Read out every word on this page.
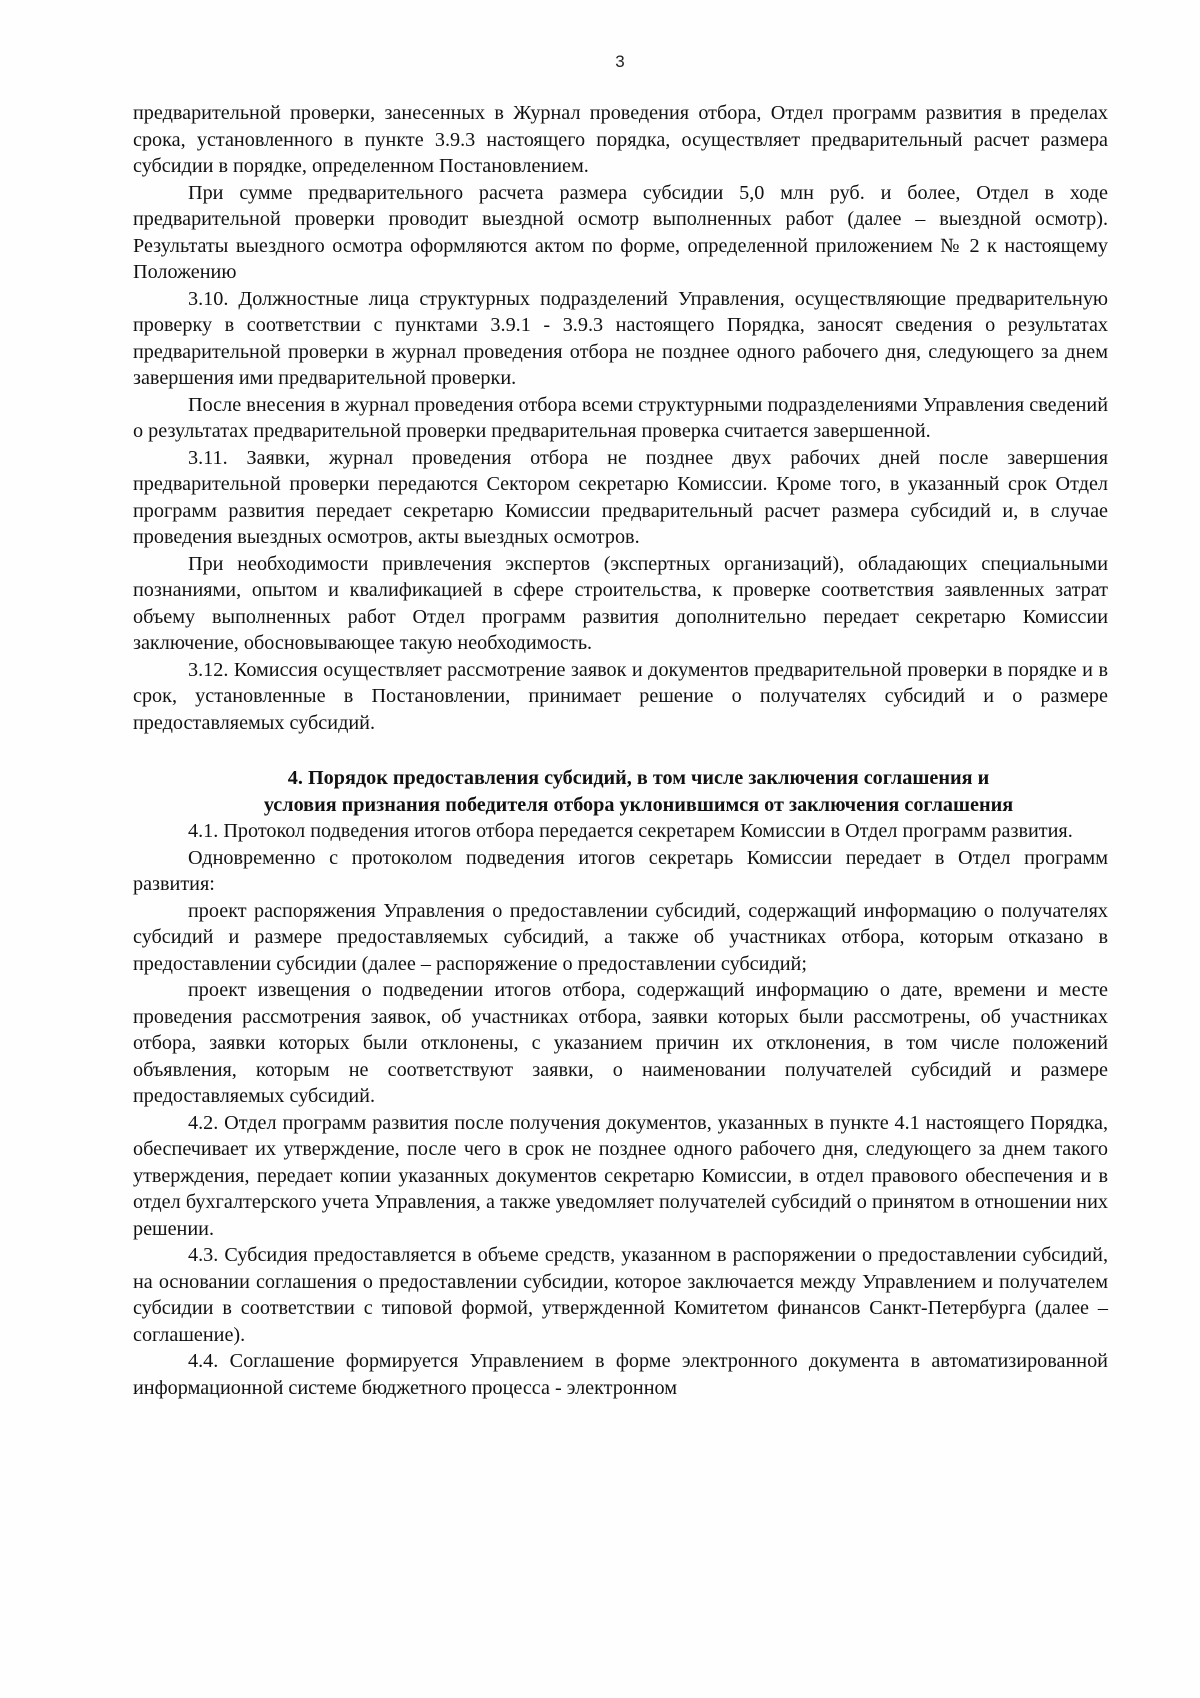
3

предварительной проверки, занесенных в Журнал проведения отбора, Отдел программ развития в пределах срока, установленного в пункте 3.9.3 настоящего порядка, осуществляет предварительный расчет размера субсидии в порядке, определенном Постановлением.

При сумме предварительного расчета размера субсидии 5,0 млн руб. и более, Отдел в ходе предварительной проверки проводит выездной осмотр выполненных работ (далее – выездной осмотр). Результаты выездного осмотра оформляются актом по форме, определенной приложением № 2 к настоящему Положению

3.10. Должностные лица структурных подразделений Управления, осуществляющие предварительную проверку в соответствии с пунктами 3.9.1 - 3.9.3 настоящего Порядка, заносят сведения о результатах предварительной проверки в журнал проведения отбора не позднее одного рабочего дня, следующего за днем завершения ими предварительной проверки.

После внесения в журнал проведения отбора всеми структурными подразделениями Управления сведений о результатах предварительной проверки предварительная проверка считается завершенной.

3.11. Заявки, журнал проведения отбора не позднее двух рабочих дней после завершения предварительной проверки передаются Сектором секретарю Комиссии. Кроме того, в указанный срок Отдел программ развития передает секретарю Комиссии предварительный расчет размера субсидий и, в случае проведения выездных осмотров, акты выездных осмотров.

При необходимости привлечения экспертов (экспертных организаций), обладающих специальными познаниями, опытом и квалификацией в сфере строительства, к проверке соответствия заявленных затрат объему выполненных работ Отдел программ развития дополнительно передает секретарю Комиссии заключение, обосновывающее такую необходимость.

3.12. Комиссия осуществляет рассмотрение заявок и документов предварительной проверки в порядке и в срок, установленные в Постановлении, принимает решение о получателях субсидий и о размере предоставляемых субсидий.

4. Порядок предоставления субсидий, в том числе заключения соглашения и
условия признания победителя отбора уклонившимся от заключения соглашения

4.1. Протокол подведения итогов отбора передается секретарем Комиссии в Отдел программ развития.

Одновременно с протоколом подведения итогов секретарь Комиссии передает в Отдел программ развития:

проект распоряжения Управления о предоставлении субсидий, содержащий информацию о получателях субсидий и размере предоставляемых субсидий, а также об участниках отбора, которым отказано в предоставлении субсидии (далее – распоряжение о предоставлении субсидий;

проект извещения о подведении итогов отбора, содержащий информацию о дате, времени и месте проведения рассмотрения заявок, об участниках отбора, заявки которых были рассмотрены, об участниках отбора, заявки которых были отклонены, с указанием причин их отклонения, в том числе положений объявления, которым не соответствуют заявки, о наименовании получателей субсидий и размере предоставляемых субсидий.

4.2. Отдел программ развития после получения документов, указанных в пункте 4.1 настоящего Порядка, обеспечивает их утверждение, после чего в срок не позднее одного рабочего дня, следующего за днем такого утверждения, передает копии указанных документов секретарю Комиссии, в отдел правового обеспечения и в отдел бухгалтерского учета Управления, а также уведомляет получателей субсидий о принятом в отношении них решении.

4.3. Субсидия предоставляется в объеме средств, указанном в распоряжении о предоставлении субсидий, на основании соглашения о предоставлении субсидии, которое заключается между Управлением и получателем субсидии в соответствии с типовой формой, утвержденной Комитетом финансов Санкт-Петербурга (далее – соглашение).

4.4. Соглашение формируется Управлением в форме электронного документа в автоматизированной информационной системе бюджетного процесса - электронном
